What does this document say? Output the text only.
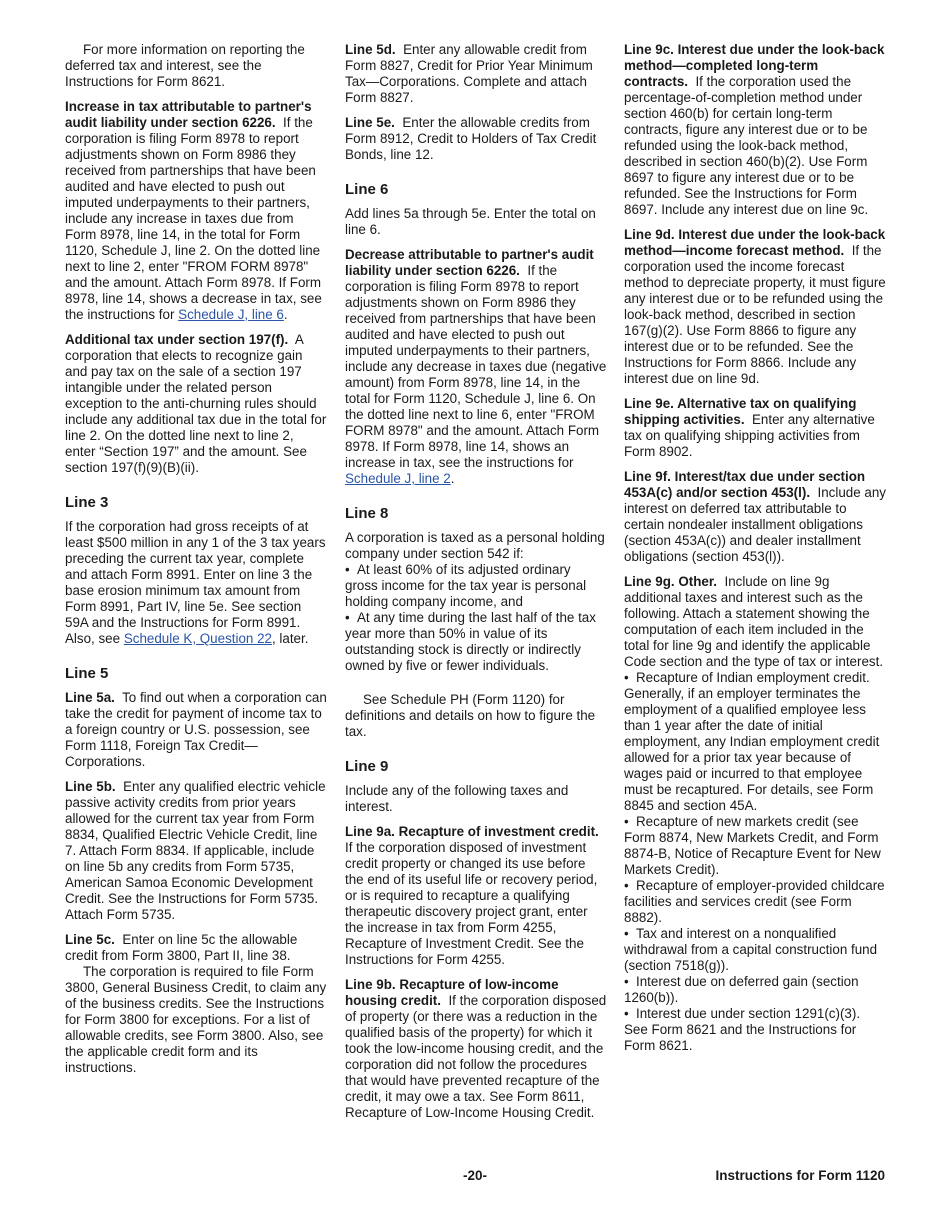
For more information on reporting the deferred tax and interest, see the Instructions for Form 8621.

Increase in tax attributable to partner's audit liability under section 6226. If the corporation is filing Form 8978 to report adjustments shown on Form 8986 they received from partnerships that have been audited and have elected to push out imputed underpayments to their partners, include any increase in taxes due from Form 8978, line 14, in the total for Form 1120, Schedule J, line 2. On the dotted line next to line 2, enter "FROM FORM 8978" and the amount. Attach Form 8978. If Form 8978, line 14, shows a decrease in tax, see the instructions for Schedule J, line 6.

Additional tax under section 197(f). A corporation that elects to recognize gain and pay tax on the sale of a section 197 intangible under the related person exception to the anti-churning rules should include any additional tax due in the total for line 2. On the dotted line next to line 2, enter “Section 197” and the amount. See section 197(f)(9)(B)(ii).

Line 3

If the corporation had gross receipts of at least $500 million in any 1 of the 3 tax years preceding the current tax year, complete and attach Form 8991. Enter on line 3 the base erosion minimum tax amount from Form 8991, Part IV, line 5e. See section 59A and the Instructions for Form 8991. Also, see Schedule K, Question 22, later.

Line 5

Line 5a. To find out when a corporation can take the credit for payment of income tax to a foreign country or U.S. possession, see Form 1118, Foreign Tax Credit—Corporations.

Line 5b. Enter any qualified electric vehicle passive activity credits from prior years allowed for the current tax year from Form 8834, Qualified Electric Vehicle Credit, line 7. Attach Form 8834. If applicable, include on line 5b any credits from Form 5735, American Samoa Economic Development Credit. See the Instructions for Form 5735. Attach Form 5735.

Line 5c. Enter on line 5c the allowable credit from Form 3800, Part II, line 38.

The corporation is required to file Form 3800, General Business Credit, to claim any of the business credits. See the Instructions for Form 3800 for exceptions. For a list of allowable credits, see Form 3800. Also, see the applicable credit form and its instructions.

Line 5d. Enter any allowable credit from Form 8827, Credit for Prior Year Minimum Tax—Corporations. Complete and attach Form 8827.

Line 5e. Enter the allowable credits from Form 8912, Credit to Holders of Tax Credit Bonds, line 12.

Line 6

Add lines 5a through 5e. Enter the total on line 6.

Decrease attributable to partner's audit liability under section 6226. If the corporation is filing Form 8978 to report adjustments shown on Form 8986 they received from partnerships that have been audited and have elected to push out imputed underpayments to their partners, include any decrease in taxes due (negative amount) from Form 8978, line 14, in the total for Form 1120, Schedule J, line 6. On the dotted line next to line 6, enter "FROM FORM 8978" and the amount. Attach Form 8978. If Form 8978, line 14, shows an increase in tax, see the instructions for Schedule J, line 2.

Line 8

A corporation is taxed as a personal holding company under section 542 if:

• At least 60% of its adjusted ordinary gross income for the tax year is personal holding company income, and

• At any time during the last half of the tax year more than 50% in value of its outstanding stock is directly or indirectly owned by five or fewer individuals.

See Schedule PH (Form 1120) for definitions and details on how to figure the tax.

Line 9

Include any of the following taxes and interest.

Line 9a. Recapture of investment credit.  If the corporation disposed of investment credit property or changed its use before the end of its useful life or recovery period, or is required to recapture a qualifying therapeutic discovery project grant, enter the increase in tax from Form 4255, Recapture of Investment Credit. See the Instructions for Form 4255.

Line 9b. Recapture of low-income housing credit. If the corporation disposed of property (or there was a reduction in the qualified basis of the property) for which it took the low-income housing credit, and the corporation did not follow the procedures that would have prevented recapture of the credit, it may owe a tax. See Form 8611, Recapture of Low-Income Housing Credit.

Line 9c. Interest due under the look-back method—completed long-term contracts. If the corporation used the percentage-of-completion method under section 460(b) for certain long-term contracts, figure any interest due or to be refunded using the look-back method, described in section 460(b)(2). Use Form 8697 to figure any interest due or to be refunded. See the Instructions for Form 8697. Include any interest due on line 9c.

Line 9d. Interest due under the look-back method—income forecast method. If the corporation used the income forecast method to depreciate property, it must figure any interest due or to be refunded using the look-back method, described in section 167(g)(2). Use Form 8866 to figure any interest due or to be refunded. See the Instructions for Form 8866. Include any interest due on line 9d.

Line 9e. Alternative tax on qualifying shipping activities. Enter any alternative tax on qualifying shipping activities from Form 8902.

Line 9f. Interest/tax due under section 453A(c) and/or section 453(l). Include any interest on deferred tax attributable to certain nondealer installment obligations (section 453A(c)) and dealer installment obligations (section 453(l)).

Line 9g. Other. Include on line 9g additional taxes and interest such as the following. Attach a statement showing the computation of each item included in the total for line 9g and identify the applicable Code section and the type of tax or interest.

• Recapture of Indian employment credit. Generally, if an employer terminates the employment of a qualified employee less than 1 year after the date of initial employment, any Indian employment credit allowed for a prior tax year because of wages paid or incurred to that employee must be recaptured. For details, see Form 8845 and section 45A.

• Recapture of new markets credit (see Form 8874, New Markets Credit, and Form 8874-B, Notice of Recapture Event for New Markets Credit).

• Recapture of employer-provided childcare facilities and services credit (see Form 8882).

• Tax and interest on a nonqualified withdrawal from a capital construction fund (section 7518(g)).

• Interest due on deferred gain (section 1260(b)).

• Interest due under section 1291(c)(3). See Form 8621 and the Instructions for Form 8621.

-20-	Instructions for Form 1120
